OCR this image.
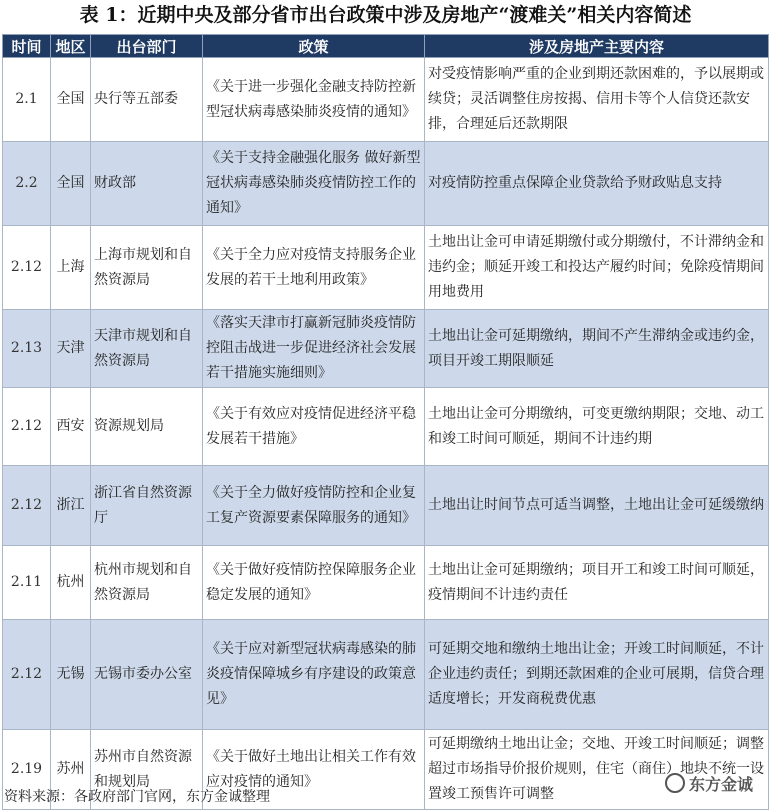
表 1：近期中央及部分省市出台政策中涉及房地产“渡难关”相关内容简述
时间	地区	出台部门	政策	涉及房地产主要内容
2.1	全国	央行等五部委	《关于进一步强化金融支持防控新型冠状病毒感染肺炎疫情的通知》	对受疫情影响严重的企业到期还款困难的，予以展期或续贷；灵活调整住房按揭、信用卡等个人信贷还款安排，合理延后还款期限
2.2	全国	财政部	《关于支持金融强化服务 做好新型冠状病毒感染肺炎疫情防控工作的通知》	对疫情防控重点保障企业贷款给予财政贴息支持
2.12	上海	上海市规划和自然资源局	《关于全力应对疫情支持服务企业发展的若干土地利用政策》	土地出让金可申请延期缴付或分期缴付，不计滞纳金和违约金；顺延开竣工和投达产履约时间；免除疫情期间用地费用
2.13	天津	天津市规划和自然资源局	《落实天津市打赢新冠肺炎疫情防控阻击战进一步促进经济社会发展若干措施实施细则》	土地出让金可延期缴纳，期间不产生滞纳金或违约金，项目开竣工期限顺延
2.12	西安	资源规划局	《关于有效应对疫情促进经济平稳发展若干措施》	土地出让金可分期缴纳，可变更缴纳期限；交地、动工和竣工时间可顺延，期间不计违约期
2.12	浙江	浙江省自然资源厅	《关于全力做好疫情防控和企业复工复产资源要素保障服务的通知》	土地出让时间节点可适当调整，土地出让金可延缓缴纳
2.11	杭州	杭州市规划和自然资源局	《关于做好疫情防控保障服务企业稳定发展的通知》	土地出让金可延期缴纳；项目开工和竣工时间可顺延，疫情期间不计违约责任
2.12	无锡	无锡市委办公室	《关于应对新型冠状病毒感染的肺炎疫情保障城乡有序建设的政策意见》	可延期交地和缴纳土地出让金；开竣工时间顺延，不计企业违约责任；到期还款困难的企业可展期，信贷合理适度增长；开发商税费优惠
2.19	苏州	苏州市自然资源和规划局	《关于做好土地出让相关工作有效应对疫情的通知》	可延期缴纳土地出让金；交地、开竣工时间顺延；调整超过市场指导价报价规则，住宅（商住）地块不统一设置竣工预售许可调整	东方金诚
资料来源：各政府部门官网，东方金诚整理
